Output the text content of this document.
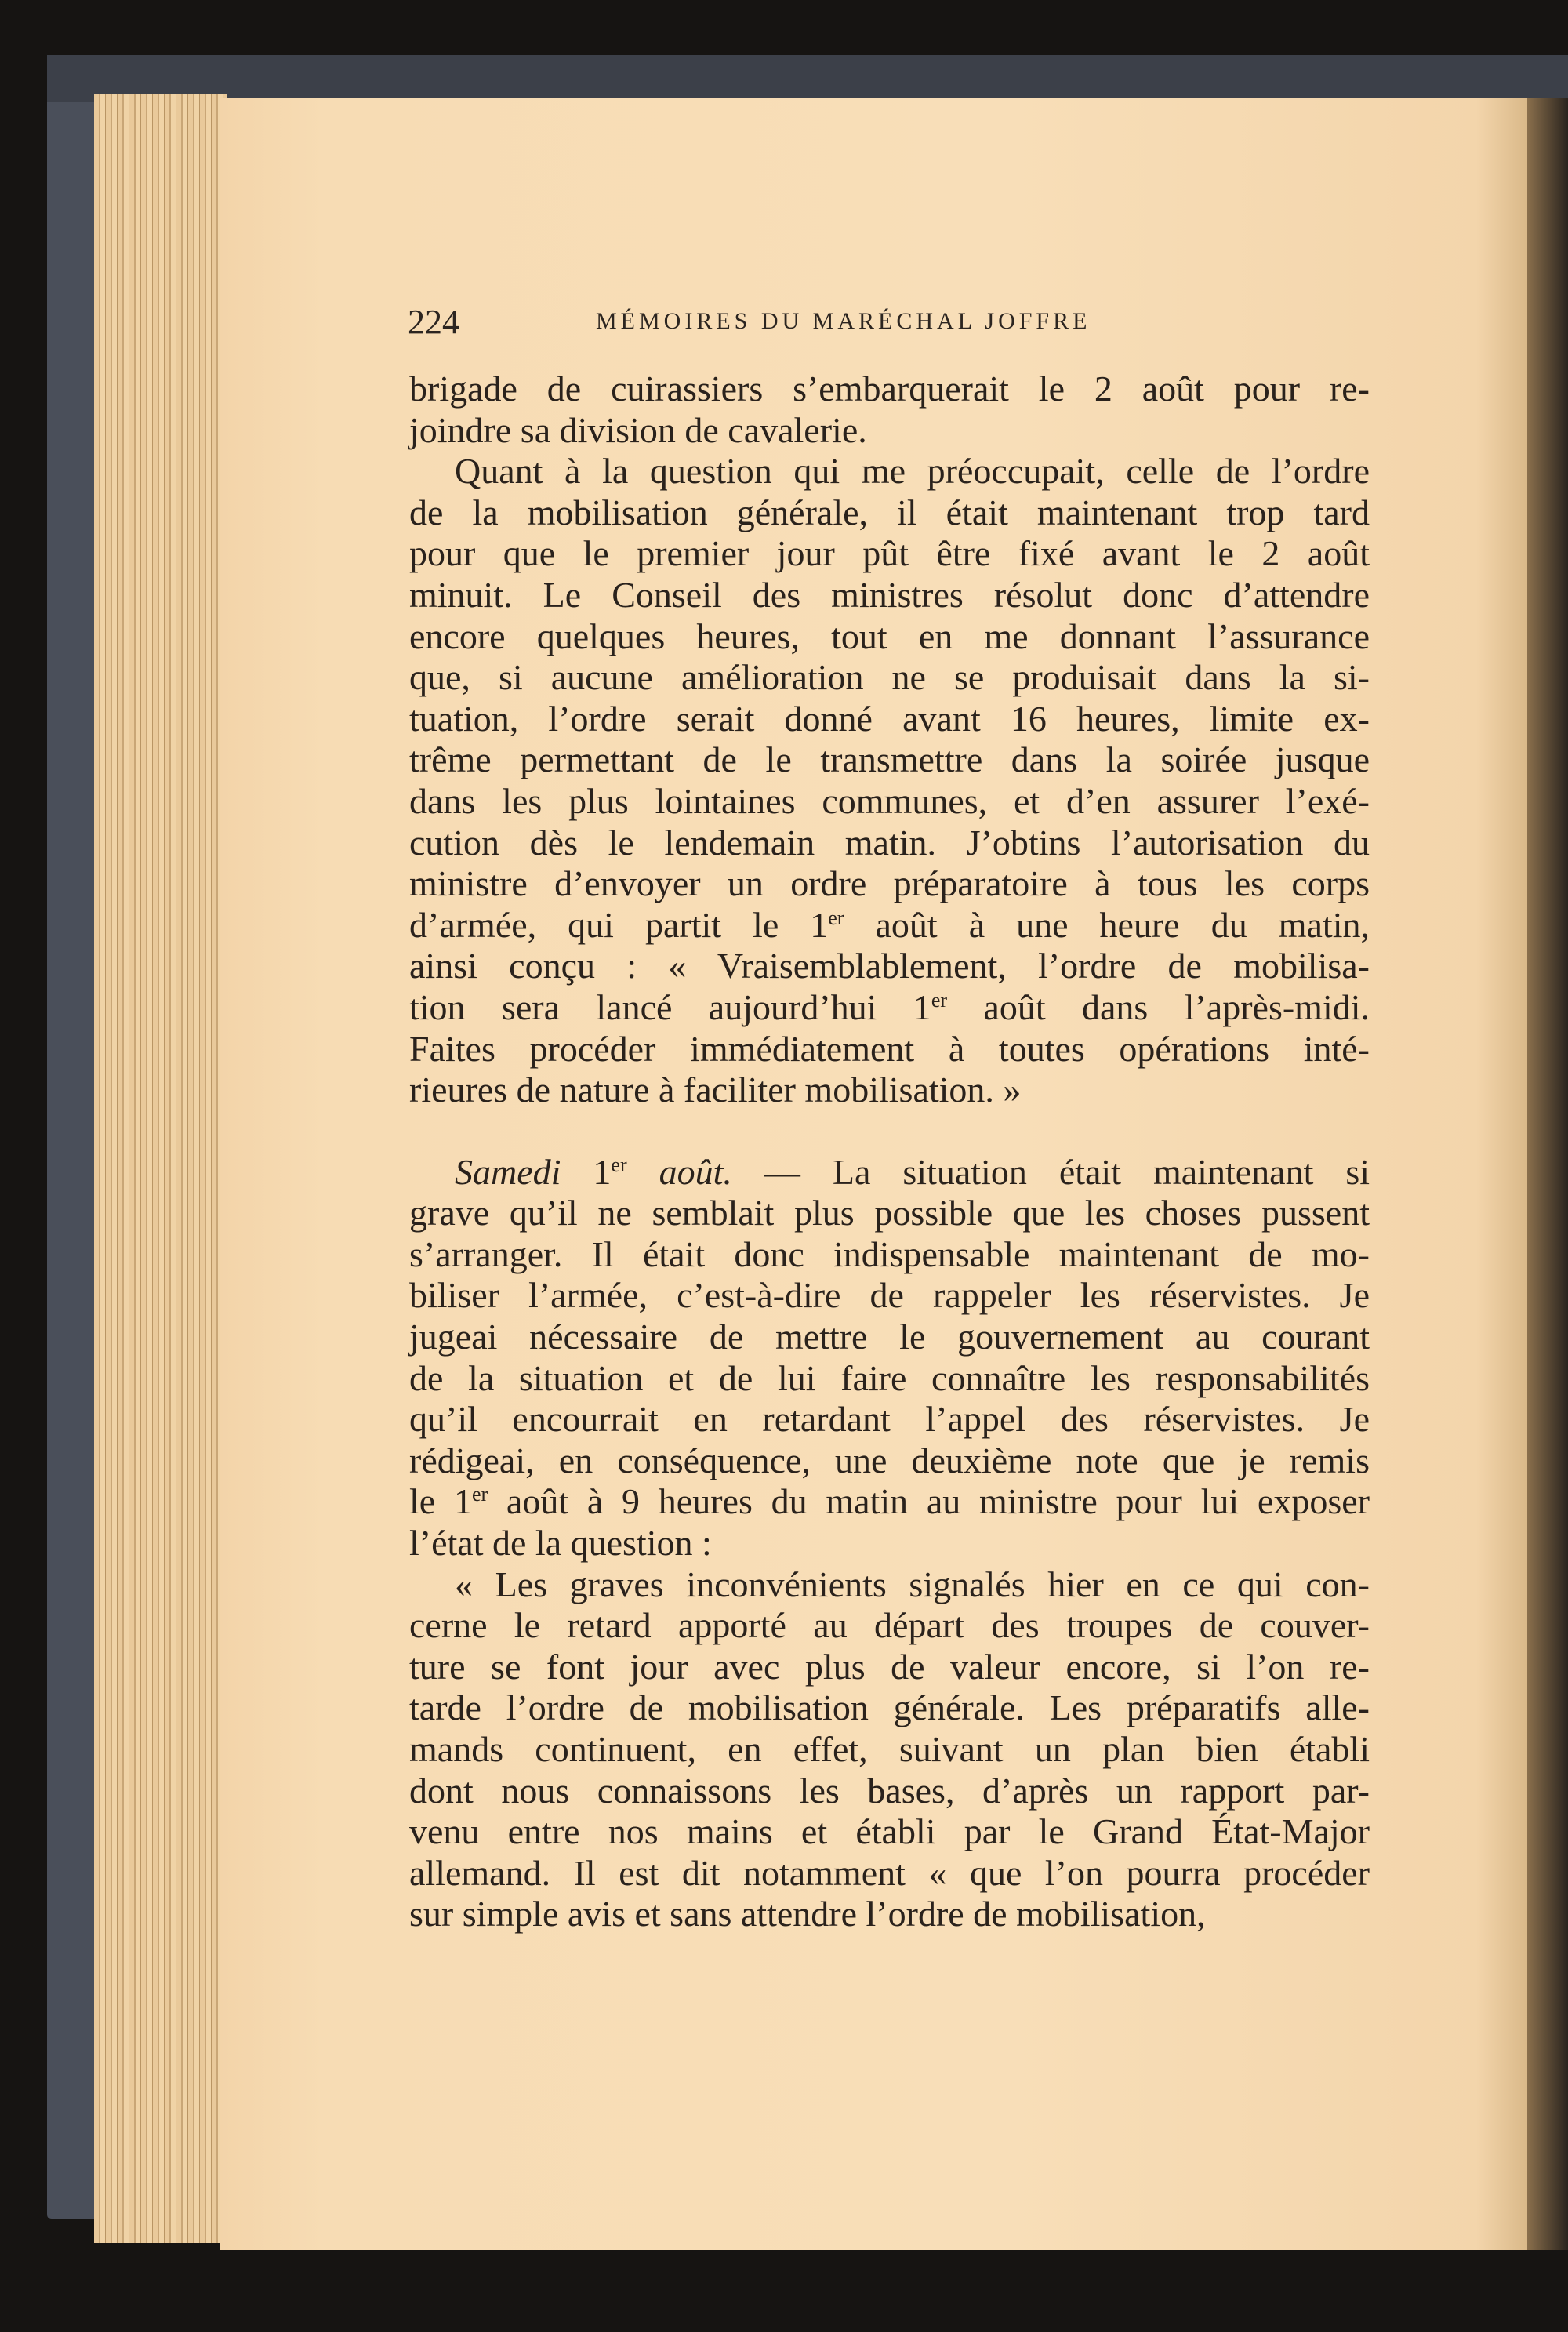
224	MÉMOIRES DU MARÉCHAL JOFFRE
brigade de cuirassiers s’embarquerait le 2 août pour re-
joindre sa division de cavalerie.
Quant à la question qui me préoccupait, celle de l’ordre
de la mobilisation générale, il était maintenant trop tard
pour que le premier jour pût être fixé avant le 2 août
minuit. Le Conseil des ministres résolut donc d’attendre
encore quelques heures, tout en me donnant l’assurance
que, si aucune amélioration ne se produisait dans la si-
tuation, l’ordre serait donné avant 16 heures, limite ex-
trême permettant de le transmettre dans la soirée jusque
dans les plus lointaines communes, et d’en assurer l’exé-
cution dès le lendemain matin. J’obtins l’autorisation du
ministre d’envoyer un ordre préparatoire à tous les corps
d’armée, qui partit le 1er août à une heure du matin,
ainsi conçu : « Vraisemblablement, l’ordre de mobilisa-
tion sera lancé aujourd’hui 1er août dans l’après-midi.
Faites procéder immédiatement à toutes opérations inté-
rieures de nature à faciliter mobilisation. »
Samedi 1er août. — La situation était maintenant si
grave qu’il ne semblait plus possible que les choses pussent
s’arranger. Il était donc indispensable maintenant de mo-
biliser l’armée, c’est-à-dire de rappeler les réservistes. Je
jugeai nécessaire de mettre le gouvernement au courant
de la situation et de lui faire connaître les responsabilités
qu’il encourrait en retardant l’appel des réservistes. Je
rédigeai, en conséquence, une deuxième note que je remis
le 1er août à 9 heures du matin au ministre pour lui exposer
l’état de la question :
« Les graves inconvénients signalés hier en ce qui con-
cerne le retard apporté au départ des troupes de couver-
ture se font jour avec plus de valeur encore, si l’on re-
tarde l’ordre de mobilisation générale. Les préparatifs alle-
mands continuent, en effet, suivant un plan bien établi
dont nous connaissons les bases, d’après un rapport par-
venu entre nos mains et établi par le Grand État-Major
allemand. Il est dit notamment « que l’on pourra procéder
sur simple avis et sans attendre l’ordre de mobilisation,
